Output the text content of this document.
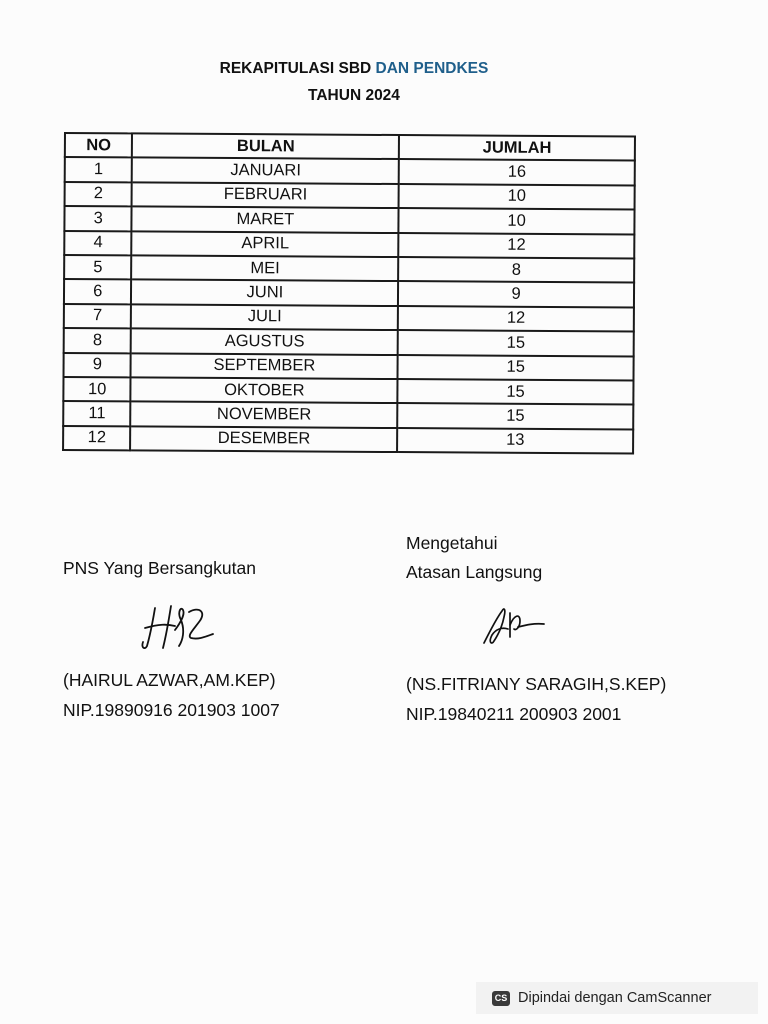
REKAPITULASI SBD DAN PENDKES
TAHUN 2024
NO	BULAN	JUMLAH
1	JANUARI	16
2	FEBRUARI	10
3	MARET	10
4	APRIL	12
5	MEI	8
6	JUNI	9
7	JULI	12
8	AGUSTUS	15
9	SEPTEMBER	15
10	OKTOBER	15
11	NOVEMBER	15
12	DESEMBER	13
PNS Yang Bersangkutan
(HAIRUL AZWAR,AM.KEP)
NIP.19890916 201903 1007
Mengetahui
Atasan Langsung
(NS.FITRIANY SARAGIH,S.KEP)
NIP.19840211 200903 2001
CS Dipindai dengan CamScanner
